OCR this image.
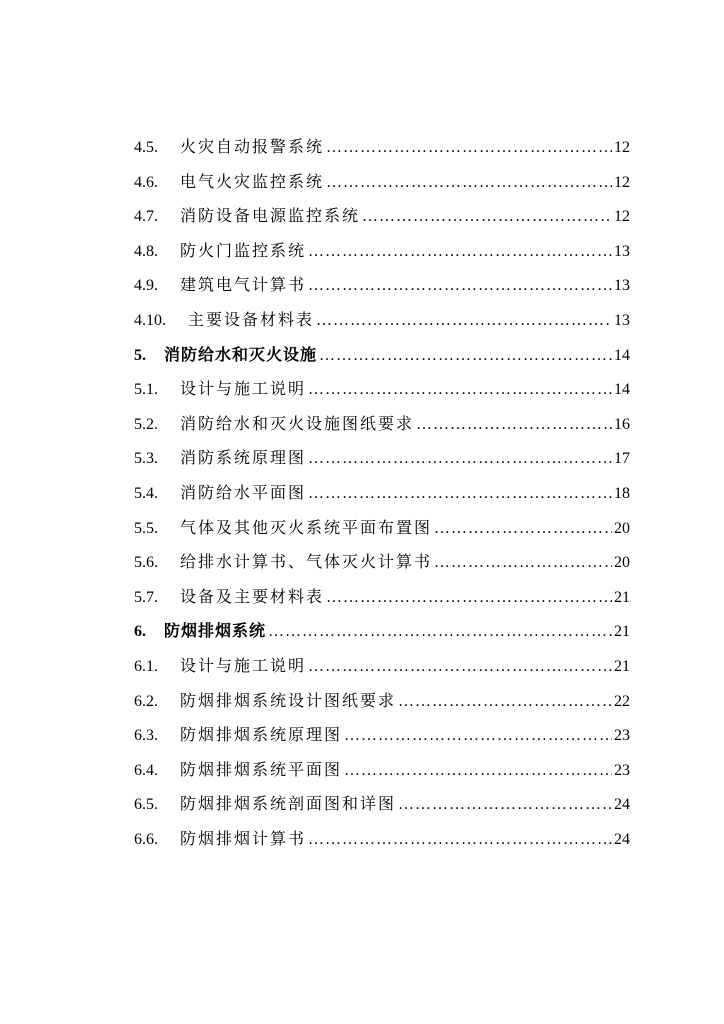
4.5.	火灾自动报警系统 …………………………………………………………………………………………………………………………………………	12
4.6.	电气火灾监控系统 …………………………………………………………………………………………………………………………………………	12
4.7.	消防设备电源监控系统 …………………………………………………………………………………………………………………………………………	12
4.8.	防火门监控系统 …………………………………………………………………………………………………………………………………………	13
4.9.	建筑电气计算书 …………………………………………………………………………………………………………………………………………	13
4.10.	主要设备材料表 …………………………………………………………………………………………………………………………………………	13
5.	消防给水和灭火设施 …………………………………………………………………………………………………………………………………………	14
5.1.	设计与施工说明 …………………………………………………………………………………………………………………………………………	14
5.2.	消防给水和灭火设施图纸要求 …………………………………………………………………………………………………………………………………………	16
5.3.	消防系统原理图 …………………………………………………………………………………………………………………………………………	17
5.4.	消防给水平面图 …………………………………………………………………………………………………………………………………………	18
5.5.	气体及其他灭火系统平面布置图 …………………………………………………………………………………………………………………………………………	20
5.6.	给排水计算书、气体灭火计算书 …………………………………………………………………………………………………………………………………………	20
5.7.	设备及主要材料表 …………………………………………………………………………………………………………………………………………	21
6.	防烟排烟系统 …………………………………………………………………………………………………………………………………………	21
6.1.	设计与施工说明 …………………………………………………………………………………………………………………………………………	21
6.2.	防烟排烟系统设计图纸要求 …………………………………………………………………………………………………………………………………………	22
6.3.	防烟排烟系统原理图 …………………………………………………………………………………………………………………………………………	23
6.4.	防烟排烟系统平面图 …………………………………………………………………………………………………………………………………………	23
6.5.	防烟排烟系统剖面图和详图 …………………………………………………………………………………………………………………………………………	24
6.6.	防烟排烟计算书 …………………………………………………………………………………………………………………………………………	24
